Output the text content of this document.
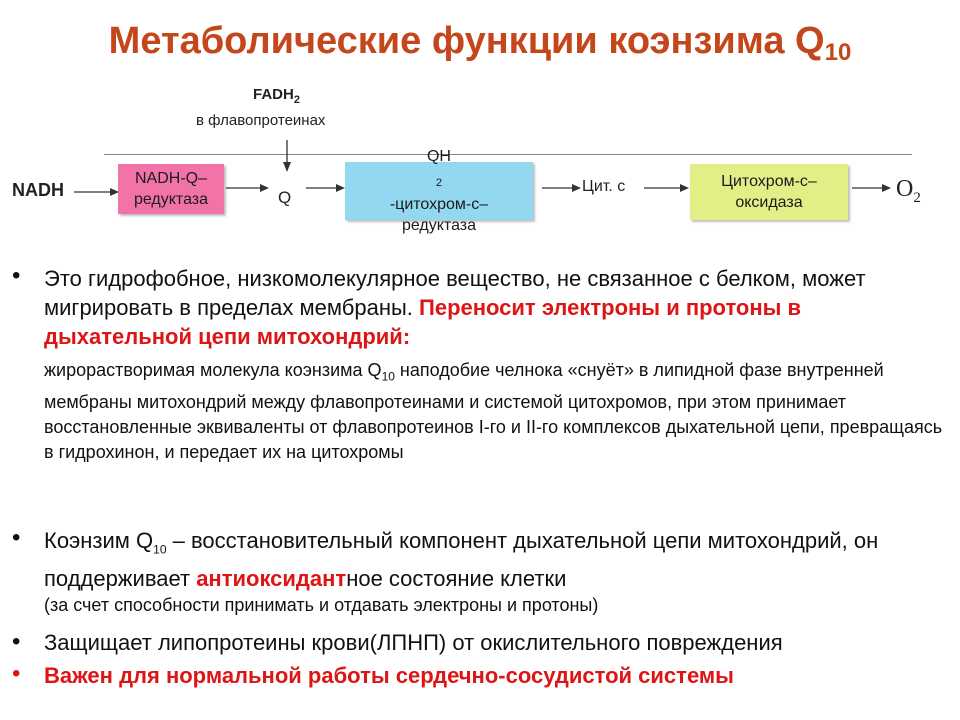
Метаболические функции коэнзима $Q_{10}$
$FADH_2$
в флавопротеинах
NADH
NADH-Q–
редуктаза	Q
QH
$_2$
-цитохром-с–
редуктаза
Цит. с	Цитохром-с–
оксидаза
$O_2$
• Это гидрофобное, низкомолекулярное вещество, не связанное с белком, может мигрировать в пределах мембраны. Переносит электроны и протоны в дыхательной цепи митохондрий:

жирорастворимая молекула коэнзима $Q_{10}$ наподобие челнока «снуёт» в липидной фазе внутренней мембраны митохондрий между флавопротеинами и системой цитохромов, при этом принимает восстановленные эквиваленты от флавопротеинов I-го и II-го комплексов дыхательной цепи, превращаясь в гидрохинон, и передает их на цитохромы

• Коэнзим $Q_{10}$ – восстановительный компонент дыхательной цепи митохондрий, он поддерживает антиоксидантное состояние клетки

(за счет способности принимать и отдавать электроны и протоны)

• Защищает липопротеины крови(ЛПНП) от окислительного повреждения
• Важен для нормальной работы сердечно-сосудистой системы
